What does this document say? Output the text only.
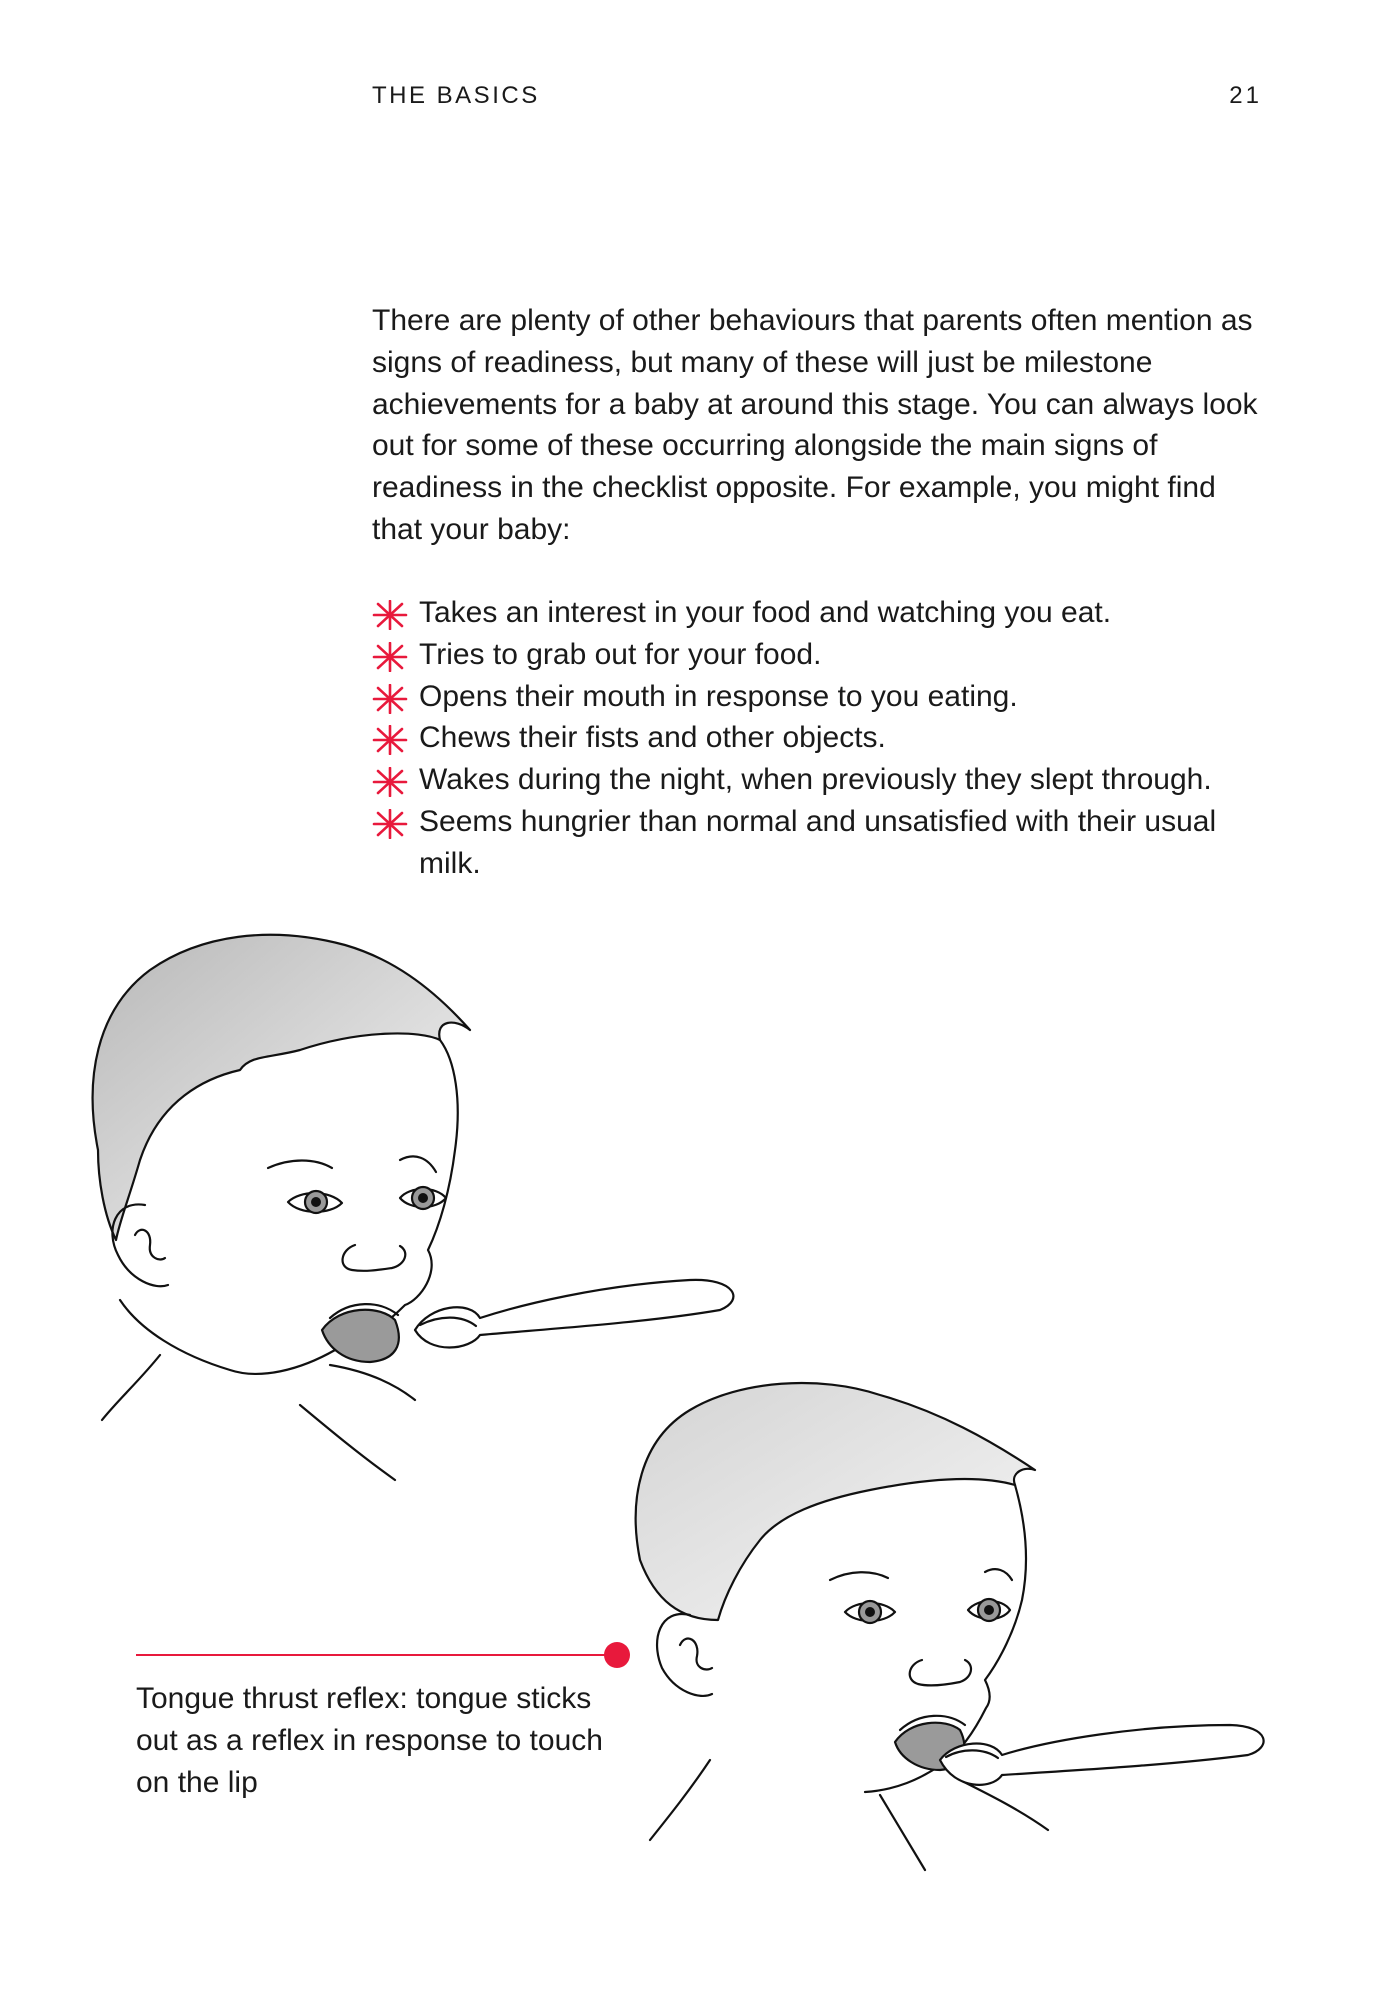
THE BASICS	21

There are plenty of other behaviours that parents often mention as signs of readiness, but many of these will just be milestone achievements for a baby at around this stage. You can always look out for some of these occurring alongside the main signs of readiness in the checklist opposite. For example, you might find that your baby:

Takes an interest in your food and watching you eat.
Tries to grab out for your food.
Opens their mouth in response to you eating.
Chews their fists and other objects.
Wakes during the night, when previously they slept through.
Seems hungrier than normal and unsatisfied with their usual milk.

Tongue thrust reflex: tongue sticks out as a reflex in response to touch on the lip
